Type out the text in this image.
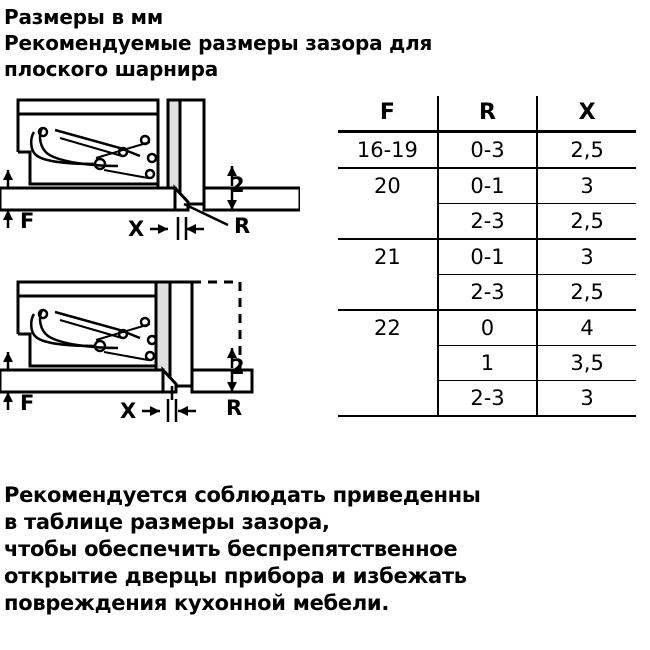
Размеры в мм
Рекомендуемые размеры зазора для
плоского шарнира
2
F	X	R
2
F	X	R
F	R	X
16-19	0-3	2,5
20	0-1	3
	2-3	2,5
21	0-1	3
	2-3	2,5
22	0	4
	1	3,5
	2-3	3
Рекомендуется соблюдать приведенны
в таблице размеры зазора,
чтобы обеспечить беспрепятственное
открытие дверцы прибора и избежать
повреждения кухонной мебели.
